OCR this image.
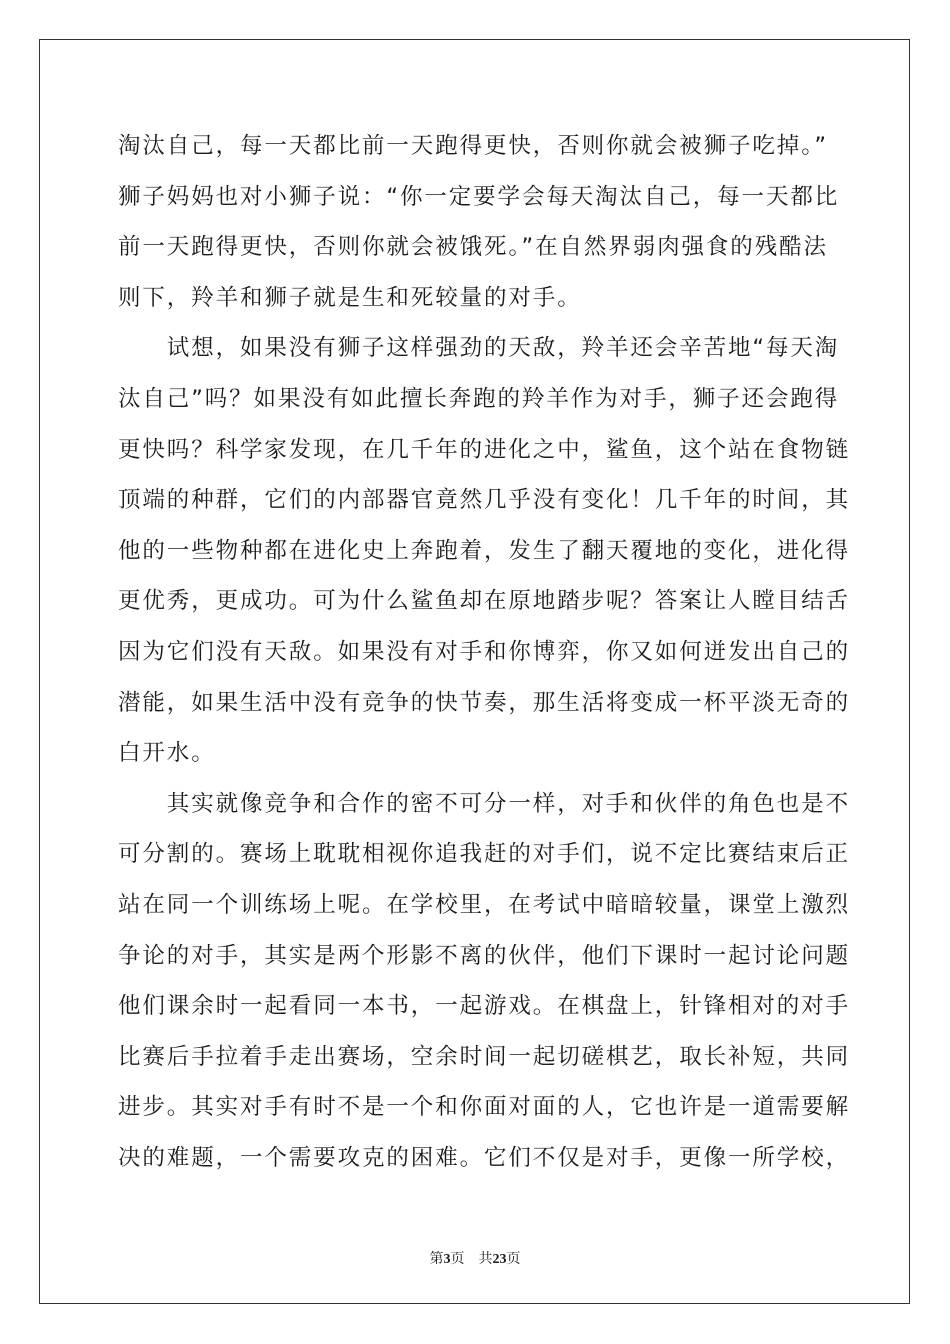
淘汰自己，每一天都比前一天跑得更快，否则你就会被狮子吃掉。”
狮子妈妈也对小狮子说：“你一定要学会每天淘汰自己，每一天都比
前一天跑得更快，否则你就会被饿死。”在自然界弱肉强食的残酷法
则下，羚羊和狮子就是生和死较量的对手。
　　试想，如果没有狮子这样强劲的天敌，羚羊还会辛苦地“每天淘
汰自己”吗？如果没有如此擅长奔跑的羚羊作为对手，狮子还会跑得
更快吗？科学家发现，在几千年的进化之中，鲨鱼，这个站在食物链
顶端的种群，它们的内部器官竟然几乎没有变化！几千年的时间，其
他的一些物种都在进化史上奔跑着，发生了翻天覆地的变化，进化得
更优秀，更成功。可为什么鲨鱼却在原地踏步呢？答案让人瞠目结舌
因为它们没有天敌。如果没有对手和你博弈，你又如何迸发出自己的
潜能，如果生活中没有竞争的快节奏，那生活将变成一杯平淡无奇的
白开水。
　　其实就像竞争和合作的密不可分一样，对手和伙伴的角色也是不
可分割的。赛场上耽耽相视你追我赶的对手们，说不定比赛结束后正
站在同一个训练场上呢。在学校里，在考试中暗暗较量，课堂上激烈
争论的对手，其实是两个形影不离的伙伴，他们下课时一起讨论问题
他们课余时一起看同一本书，一起游戏。在棋盘上，针锋相对的对手
比赛后手拉着手走出赛场，空余时间一起切磋棋艺，取长补短，共同
进步。其实对手有时不是一个和你面对面的人，它也许是一道需要解
决的难题，一个需要攻克的困难。它们不仅是对手，更像一所学校，
第3页 共23页
